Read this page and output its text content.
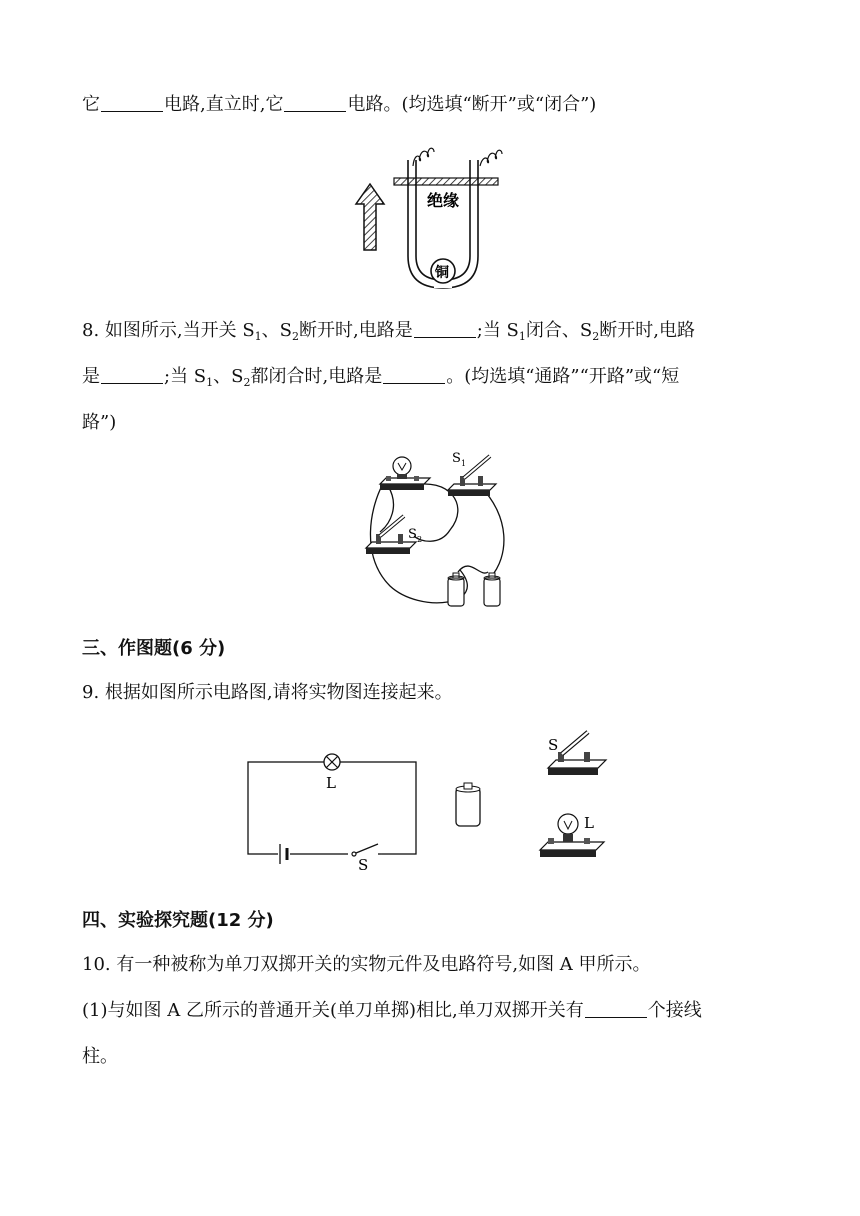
它	电路,直立时,它	电路。(均选填“断开”或“闭合”)
绝缘
铜
8. 如图所示,当开关 $S_1$、$S_2$断开时,电路是	;当 $S_1$闭合、$S_2$断开时,电路
是	;当 $S_1$、$S_2$都闭合时,电路是	。(均选填“通路”“开路”或“短
路”)
S 1
S 2
三、作图题(6 分)
9. 根据如图所示电路图,请将实物图连接起来。
L
S
S
L
四、实验探究题(12 分)
10. 有一种被称为单刀双掷开关的实物元件及电路符号,如图 A 甲所示。
(1)与如图 A 乙所示的普通开关(单刀单掷)相比,单刀双掷开关有	个接线
柱。
